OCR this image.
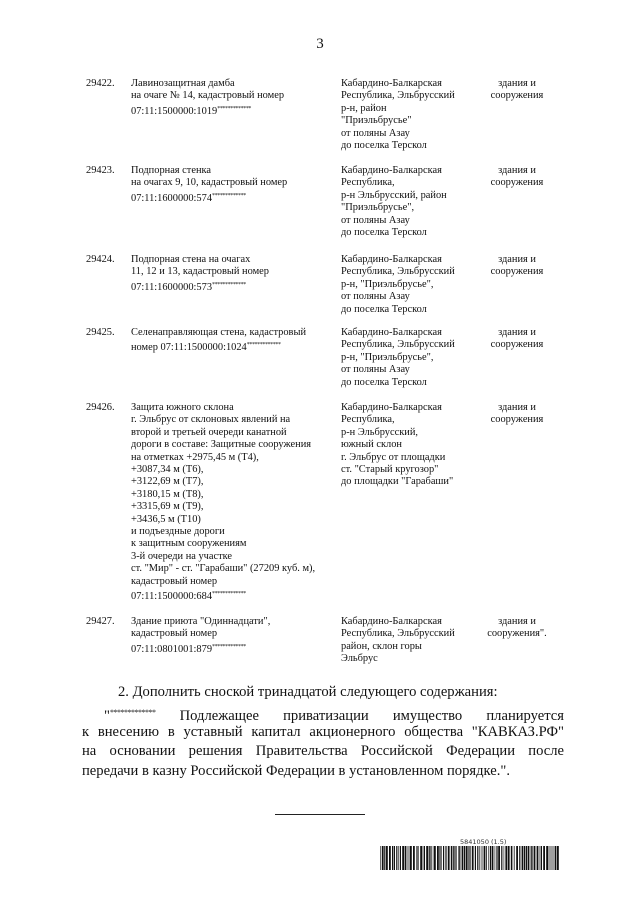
3
29422. Лавинозащитная дамба
на очаге № 14, кадастровый номер
07:11:1500000:1019*************
Кабардино-Балкарская
Республика, Эльбрусский
р-н, район
"Приэльбрусье"
от поляны Азау
до поселка Терскол
здания и
сооружения
29423. Подпорная стенка
на очагах 9, 10, кадастровый номер
07:11:1600000:574*************
Кабардино-Балкарская
Республика,
р-н Эльбрусский, район
"Приэльбрусье",
от поляны Азау
до поселка Терскол
здания и
сооружения
29424. Подпорная стена на очагах
11, 12 и 13, кадастровый номер
07:11:1600000:573*************
Кабардино-Балкарская
Республика, Эльбрусский
р-н, "Приэльбрусье",
от поляны Азау
до поселка Терскол
здания и
сооружения
29425. Селенаправляющая стена, кадастровый
номер 07:11:1500000:1024*************
Кабардино-Балкарская
Республика, Эльбрусский
р-н, "Приэльбрусье",
от поляны Азау
до поселка Терскол
здания и
сооружения
29426. Защита южного склона
г. Эльбрус от склоновых явлений на
второй и третьей очереди канатной
дороги в составе: Защитные сооружения
на отметках +2975,45 м (Т4),
+3087,34 м (Т6),
+3122,69 м (Т7),
+3180,15 м (Т8),
+3315,69 м (Т9),
+3436,5 м (Т10)
и подъездные дороги
к защитным сооружениям
3-й очереди на участке
ст. "Мир" - ст. "Гарабаши" (27209 куб. м),
кадастровый номер
07:11:1500000:684*************
Кабардино-Балкарская
Республика,
р-н Эльбрусский,
южный склон
г. Эльбрус от площадки
ст. "Старый кругозор"
до площадки "Гарабаши"
здания и
сооружения
29427. Здание приюта "Одиннадцати",
кадастровый номер
07:11:0801001:879*************
Кабардино-Балкарская
Республика, Эльбрусский
район, склон горы
Эльбрус
здания и
сооружения".
2. Дополнить сноской тринадцатой следующего содержания:
"************* Подлежащее приватизации имущество планируется
к внесению в уставный капитал акционерного общества "КАВКАЗ.РФ"
на основании решения Правительства Российской Федерации после
передачи в казну Российской Федерации в установленном порядке.".
5841050 (1.5)
